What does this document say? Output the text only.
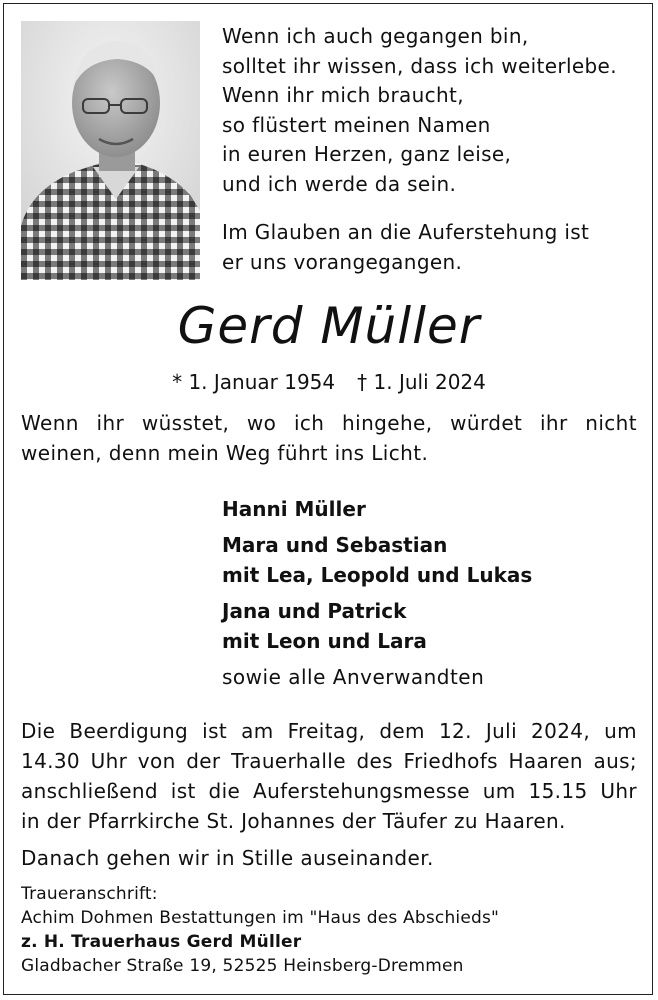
Wenn ich auch gegangen bin,

solltet ihr wissen, dass ich weiterlebe.

Wenn ihr mich braucht,

so flüstert meinen Namen

in euren Herzen, ganz leise,

und ich werde da sein.

Im Glauben an die Auferstehung ist

er uns vorangegangen.

Gerd Müller
* 1. Januar 1954 † 1. Juli 2024
Wenn ihr wüsstet, wo ich hingehe, würdet ihr nicht
weinen, denn mein Weg führt ins Licht.
Hanni Müller
Mara und Sebastian
mit Lea, Leopold und Lukas
Jana und Patrick
mit Leon und Lara
sowie alle Anverwandten
Die Beerdigung ist am Freitag, dem 12. Juli 2024, um
14.30 Uhr von der Trauerhalle des Friedhofs Haaren aus;
anschließend ist die Auferstehungsmesse um 15.15 Uhr
in der Pfarrkirche St. Johannes der Täufer zu Haaren.
Danach gehen wir in Stille auseinander.
Traueranschrift:
Achim Dohmen Bestattungen im "Haus des Abschieds"
z. H. Trauerhaus Gerd Müller
Gladbacher Straße 19, 52525 Heinsberg-Dremmen
